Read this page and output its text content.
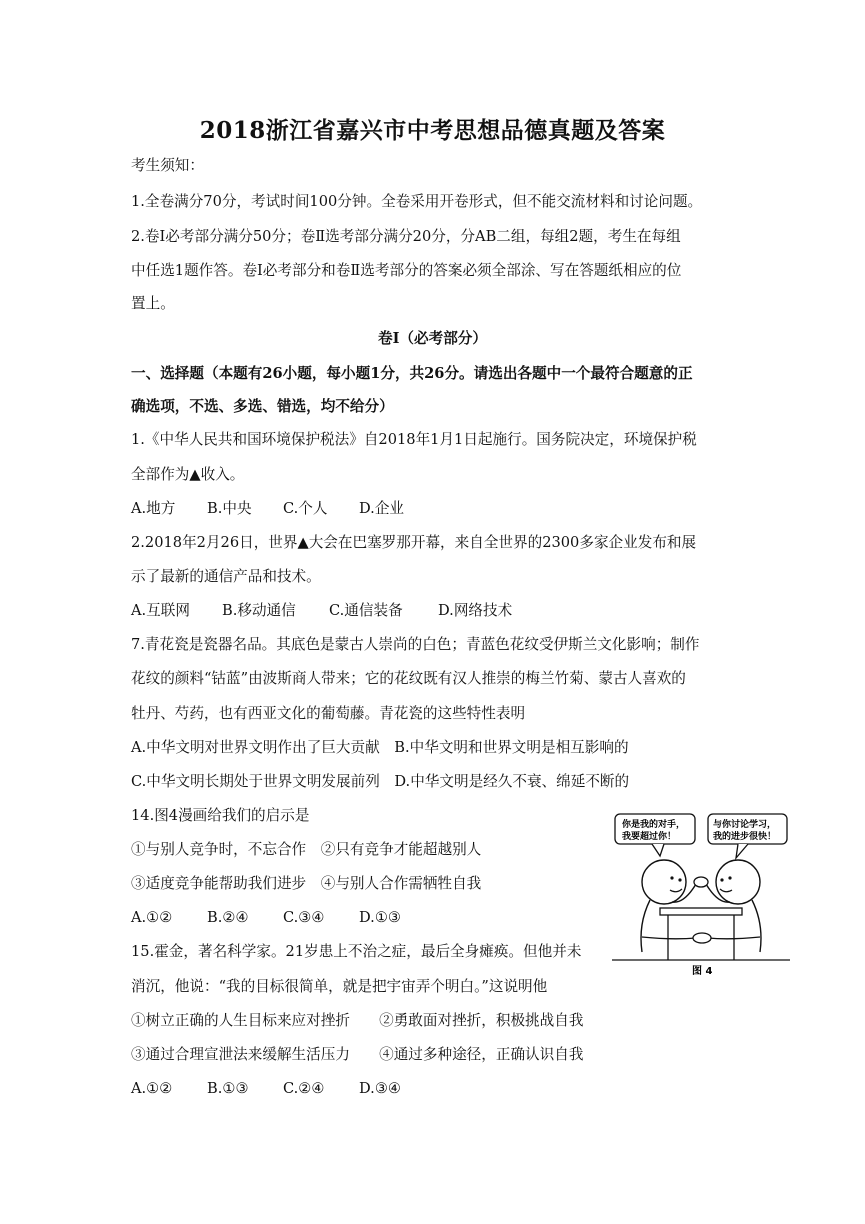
2018浙江省嘉兴市中考思想品德真题及答案
考生须知：
1.全卷满分70分，考试时间100分钟。全卷采用开卷形式，但不能交流材料和讨论问题。
2.卷Ⅰ必考部分满分50分；卷Ⅱ选考部分满分20分，分AB二组，每组2题，考生在每组
中任选1题作答。卷Ⅰ必考部分和卷Ⅱ选考部分的答案必须全部涂、写在答题纸相应的位
置上。
卷Ⅰ（必考部分）
一、选择题（本题有26小题，每小题1分，共26分。请选出各题中一个最符合题意的正
确选项，不选、多选、错选，均不给分）
1.《中华人民共和国环境保护税法》自2018年1月1日起施行。国务院决定，环境保护税
全部作为▲收入。
A.地方 B.中央 C.个人 D.企业
2.2018年2月26日，世界▲大会在巴塞罗那开幕，来自全世界的2300多家企业发布和展
示了最新的通信产品和技术。
A.互联网 B.移动通信 C.通信装备 D.网络技术
7.青花瓷是瓷器名品。其底色是蒙古人崇尚的白色；青蓝色花纹受伊斯兰文化影响；制作
花纹的颜料“钴蓝”由波斯商人带来；它的花纹既有汉人推崇的梅兰竹菊、蒙古人喜欢的
牡丹、芍药，也有西亚文化的葡萄藤。青花瓷的这些特性表明
A.中华文明对世界文明作出了巨大贡献　B.中华文明和世界文明是相互影响的
C.中华文明长期处于世界文明发展前列　D.中华文明是经久不衰、绵延不断的
14.图4漫画给我们的启示是
①与别人竞争时，不忘合作　②只有竞争才能超越别人
③适度竞争能帮助我们进步　④与别人合作需牺牲自我
A.①② B.②④ C.③④ D.①③
你是我的对手，
我要超过你！
与你讨论学习，
我的进步很快！
图 4
15.霍金，著名科学家。21岁患上不治之症，最后全身瘫痪。但他并未
消沉，他说：“我的目标很简单，就是把宇宙弄个明白。”这说明他
①树立正确的人生目标来应对挫折　　②勇敢面对挫折，积极挑战自我
③通过合理宣泄法来缓解生活压力　　④通过多种途径，正确认识自我
A.①② B.①③ C.②④ D.③④
